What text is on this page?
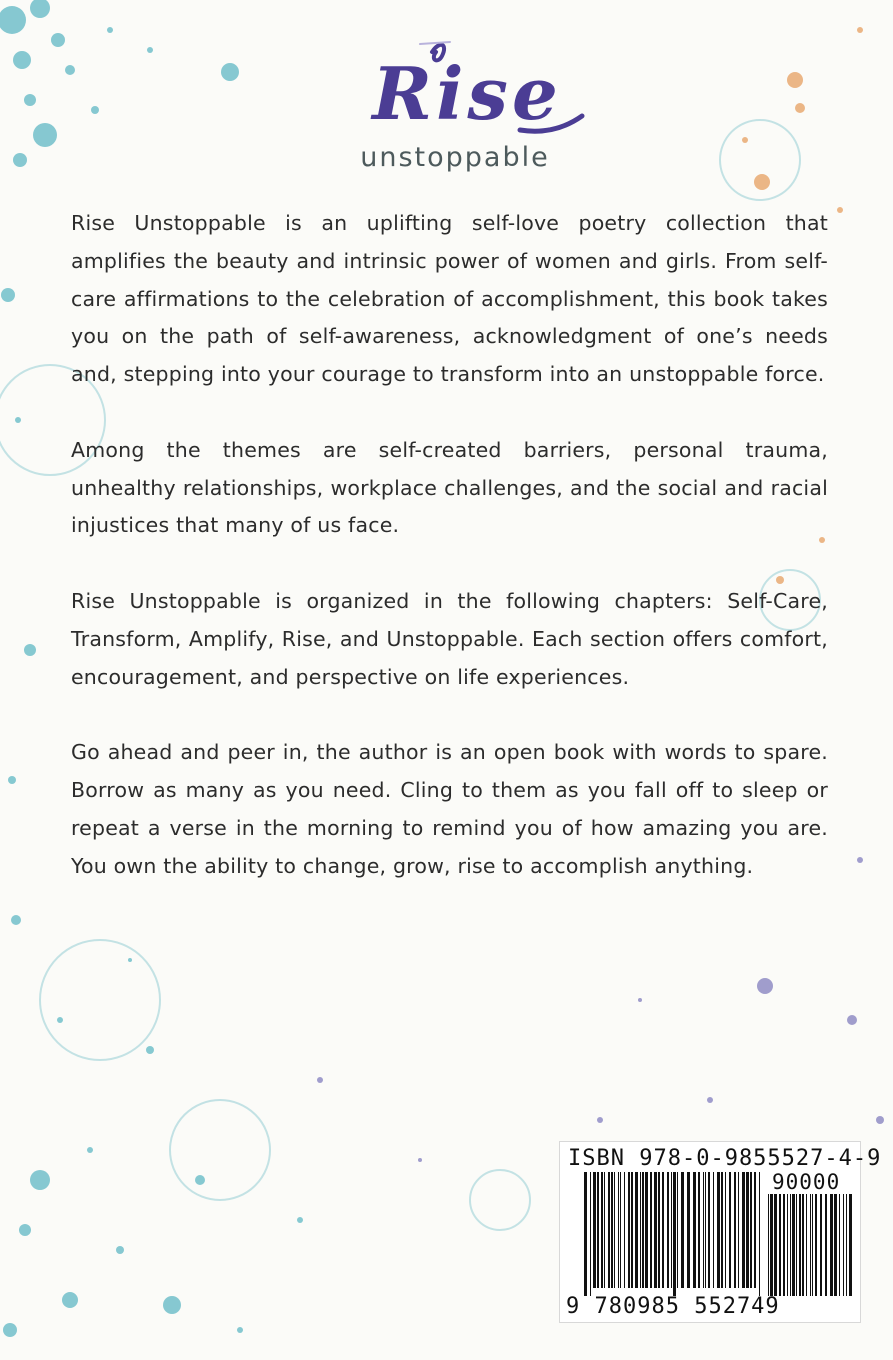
Rise
unstoppable

Rise Unstoppable is an uplifting self-love poetry collection that amplifies the beauty and intrinsic power of women and girls. From self-care affirmations to the celebration of accomplishment, this book takes you on the path of self-awareness, acknowledgment of one’s needs and, stepping into your courage to transform into an unstoppable force.

Among the themes are self-created barriers, personal trauma, unhealthy relationships, workplace challenges, and the social and racial injustices that many of us face.

Rise Unstoppable is organized in the following chapters: Self-Care, Transform, Amplify, Rise, and Unstoppable. Each section offers comfort, encouragement, and perspective on life experiences.

Go ahead and peer in, the author is an open book with words to spare. Borrow as many as you need. Cling to them as you fall off to sleep or repeat a verse in the morning to remind you of how amazing you are. You own the ability to change, grow, rise to accomplish anything.

ISBN 978-0-9855527-4-9
90000
9 780985 552749
